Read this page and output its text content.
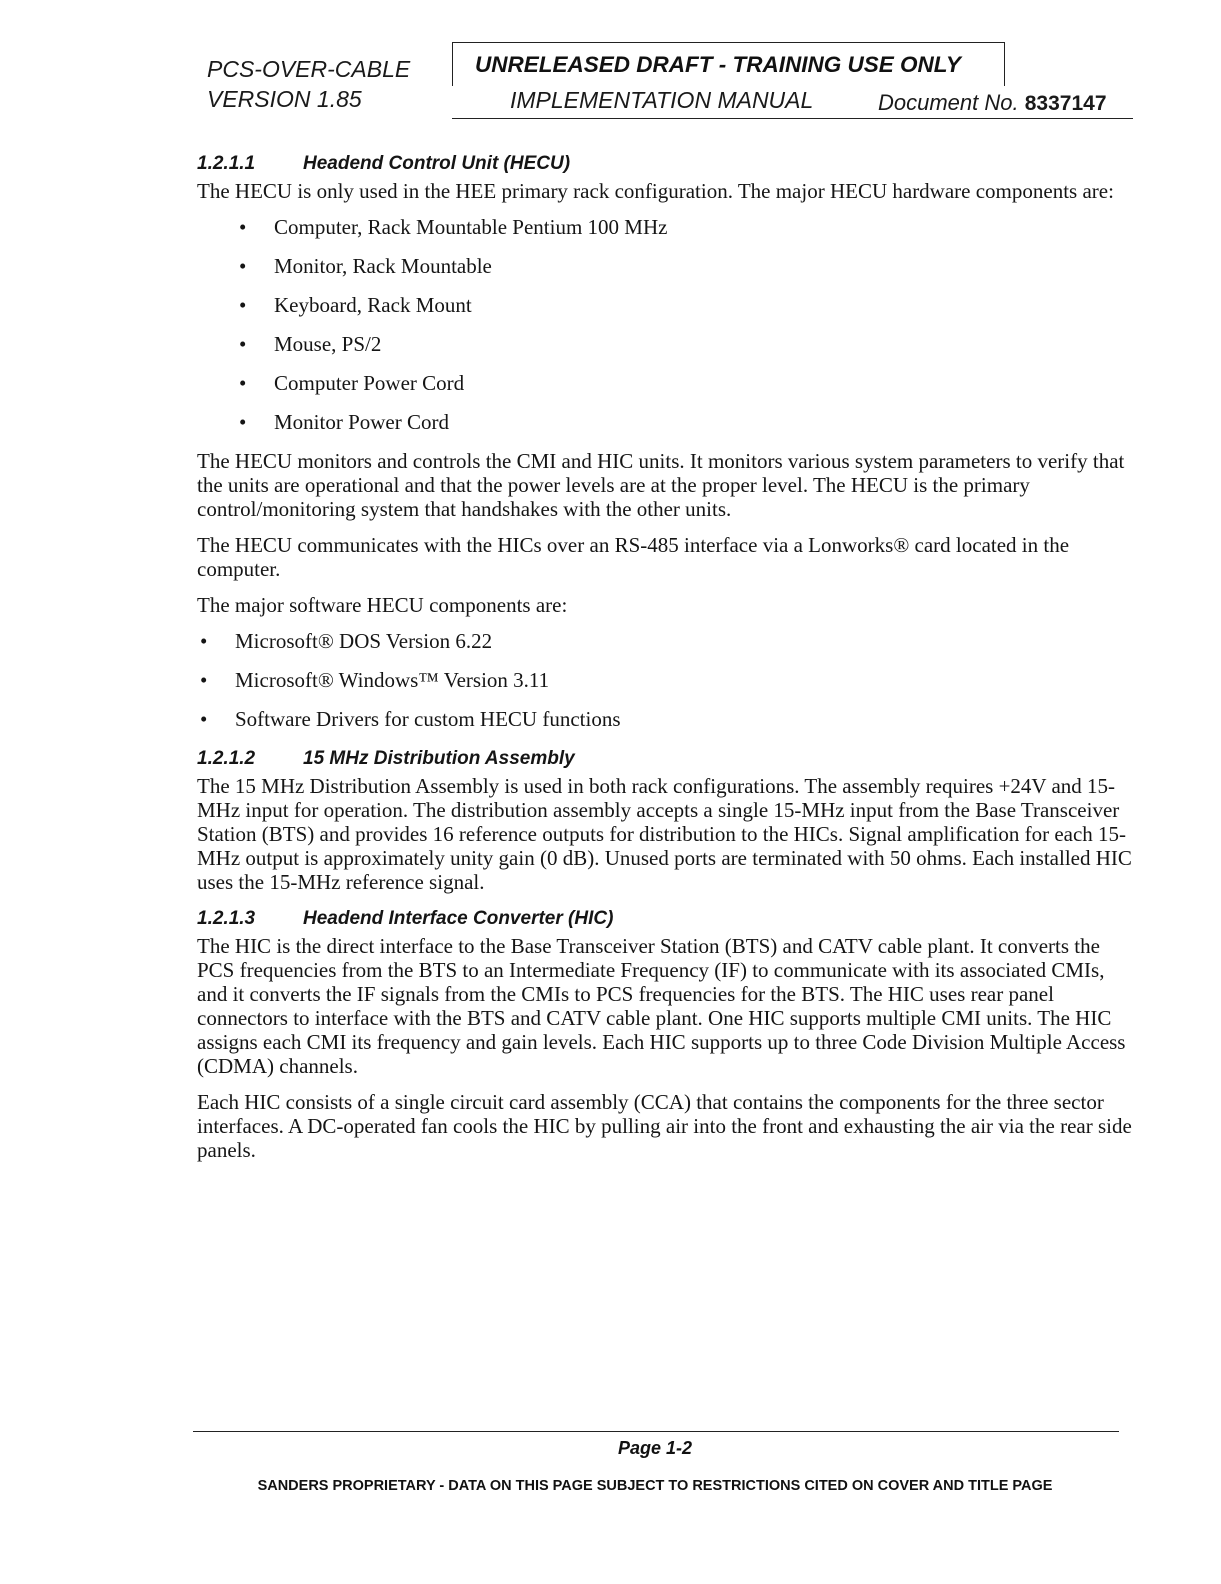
PCS-OVER-CABLE
VERSION 1.85
UNRELEASED DRAFT - TRAINING USE ONLY
IMPLEMENTATION MANUAL	Document No. 8337147
1.2.1.1	Headend Control Unit (HECU)

The HECU is only used in the HEE primary rack configuration. The major HECU hardware components are:

• Computer, Rack Mountable Pentium 100 MHz
• Monitor, Rack Mountable
• Keyboard, Rack Mount
• Mouse, PS/2
• Computer Power Cord
• Monitor Power Cord

The HECU monitors and controls the CMI and HIC units. It monitors various system parameters to verify that the units are operational and that the power levels are at the proper level. The HECU is the primary control/monitoring system that handshakes with the other units.

The HECU communicates with the HICs over an RS-485 interface via a Lonworks® card located in the computer.

The major software HECU components are:

• Microsoft® DOS Version 6.22
• Microsoft® Windows™ Version 3.11
• Software Drivers for custom HECU functions
1.2.1.2	15 MHz Distribution Assembly

The 15 MHz Distribution Assembly is used in both rack configurations. The assembly requires +24V and 15-MHz input for operation. The distribution assembly accepts a single 15-MHz input from the Base Transceiver Station (BTS) and provides 16 reference outputs for distribution to the HICs. Signal amplification for each 15-MHz output is approximately unity gain (0 dB). Unused ports are terminated with 50 ohms. Each installed HIC uses the 15-MHz reference signal.

1.2.1.3	Headend Interface Converter (HIC)

The HIC is the direct interface to the Base Transceiver Station (BTS) and CATV cable plant. It converts the PCS frequencies from the BTS to an Intermediate Frequency (IF) to communicate with its associated CMIs, and it converts the IF signals from the CMIs to PCS frequencies for the BTS. The HIC uses rear panel connectors to interface with the BTS and CATV cable plant. One HIC supports multiple CMI units. The HIC assigns each CMI its frequency and gain levels. Each HIC supports up to three Code Division Multiple Access (CDMA) channels.

Each HIC consists of a single circuit card assembly (CCA) that contains the components for the three sector interfaces. A DC-operated fan cools the HIC by pulling air into the front and exhausting the air via the rear side panels.

Page 1-2
SANDERS PROPRIETARY - DATA ON THIS PAGE SUBJECT TO RESTRICTIONS CITED ON COVER AND TITLE PAGE
